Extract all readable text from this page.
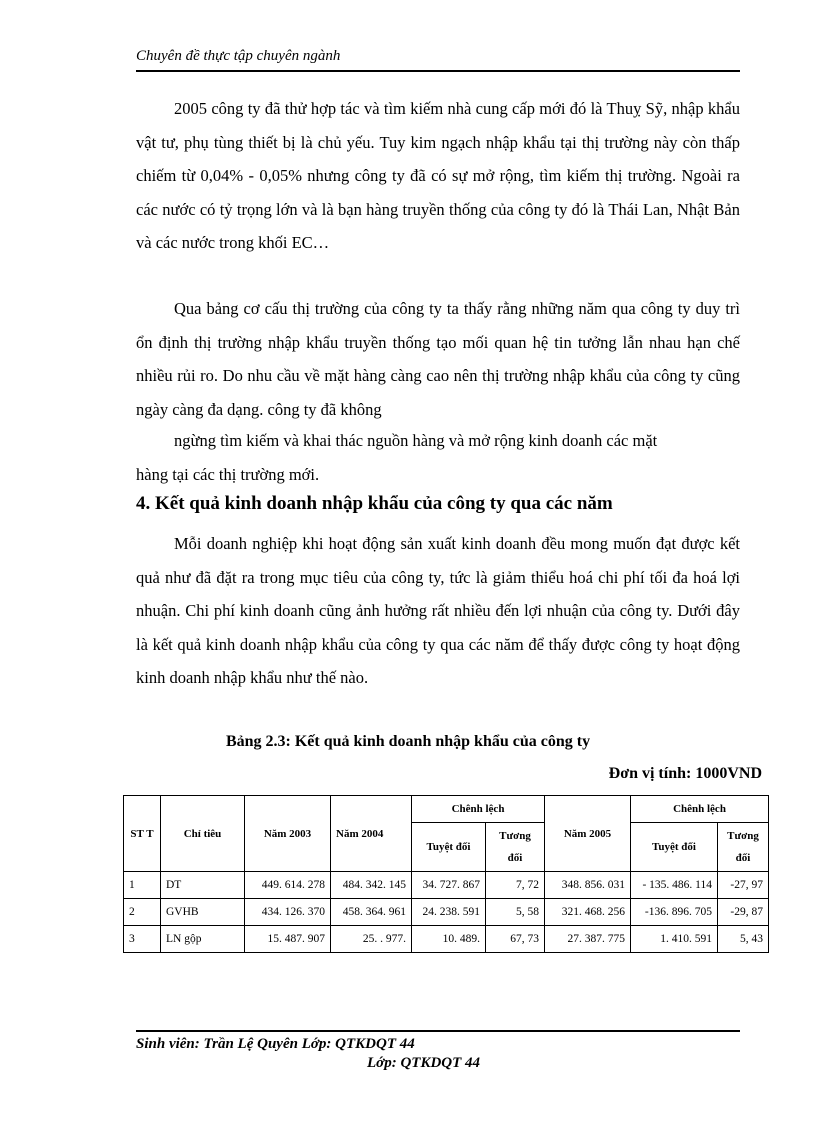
Chuyên đề thực tập chuyên ngành

2005 công ty đã thử hợp tác và tìm kiếm nhà cung cấp mới đó là Thuỵ Sỹ, nhập khẩu vật tư, phụ tùng thiết bị là chủ yếu. Tuy kim ngạch nhập khẩu tại thị trường này còn thấp chiếm từ 0,04% - 0,05% nhưng công ty đã có sự mở rộng, tìm kiếm thị trường. Ngoài ra các nước có tỷ trọng lớn và là bạn hàng truyền thống của công ty đó là Thái Lan, Nhật Bản và các nước trong khối EC…

Qua bảng cơ cấu thị trường của công ty ta thấy rằng những năm qua công ty duy trì ổn định thị trường nhập khẩu truyền thống tạo mối quan hệ tin tưởng lẫn nhau hạn chế nhiều rủi ro. Do nhu cầu về mặt hàng càng cao nên thị trường nhập khẩu của công ty cũng ngày càng đa dạng. công ty đã không

ngừng tìm kiếm và khai thác nguồn hàng và mở rộng kinh doanh các mặt
hàng tại các thị trường mới.

4. Kết quả kinh doanh nhập khẩu của công ty qua các năm

Mỗi doanh nghiệp khi hoạt động sản xuất kinh doanh đều mong muốn đạt được kết quả như đã đặt ra trong mục tiêu của công ty, tức là giảm thiểu hoá chi phí tối đa hoá lợi nhuận. Chi phí kinh doanh cũng ảnh hưởng rất nhiều đến lợi nhuận của công ty. Dưới đây là kết quả kinh doanh nhập khẩu của công ty qua các năm để thấy được công ty hoạt động kinh doanh nhập khẩu như thế nào.

Bảng 2.3: Kết quả kinh doanh nhập khẩu của công ty
Đơn vị tính: 1000VND
ST T	Chỉ tiêu	Năm 2003	Năm 2004	Chênh lệch		Năm 2005	Chênh lệch	
				Tuyệt đối	Tương đối		Tuyệt đối	Tương đối
1	DT	449. 614. 278	484. 342. 145	34. 727. 867	7, 72	348. 856. 031	- 135. 486. 114	-27, 97
2	GVHB	434. 126. 370	458. 364. 961	24. 238. 591	5, 58	321. 468. 256	-136. 896. 705	-29, 87
3	LN gộp	15. 487. 907	25. . 977.	10. 489.	67, 73	27. 387. 775	1. 410. 591	5, 43
Sinh viên: Trần Lệ Quyên Lớp: QTKDQT 44
Lớp: QTKDQT 44
